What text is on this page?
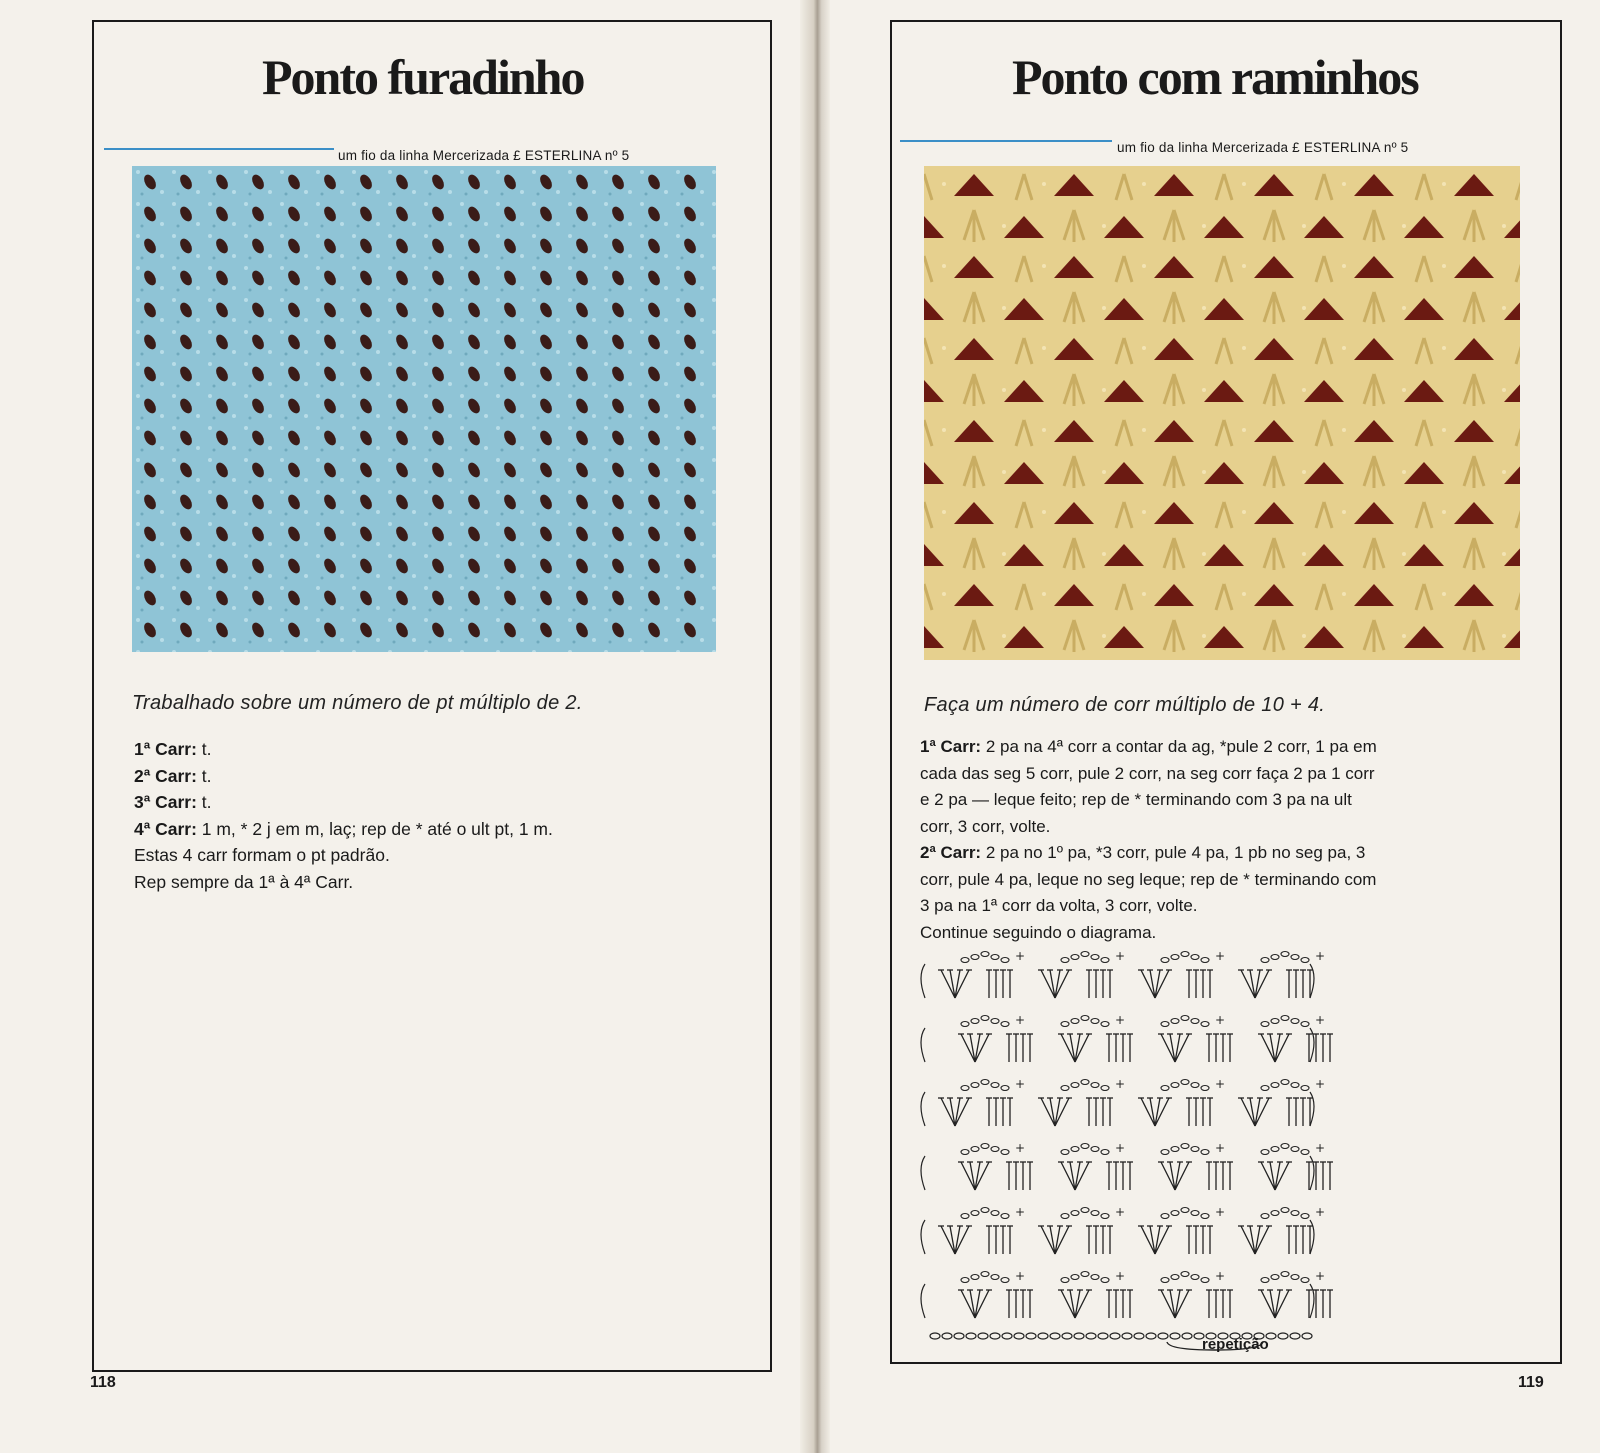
Ponto furadinho
um fio da linha Mercerizada £ ESTERLINA nº 5
Trabalhado sobre um número de pt múltiplo de 2.

1ª Carr: t.

2ª Carr: t.

3ª Carr: t.

4ª Carr: 1 m, * 2 j em m, laç; rep de * até o ult pt, 1 m.

Estas 4 carr formam o pt padrão.

Rep sempre da 1ª à 4ª Carr.

118
Ponto com raminhos
um fio da linha Mercerizada £ ESTERLINA nº 5
Faça um número de corr múltiplo de 10 + 4.

1ª Carr: 2 pa na 4ª corr a contar da ag, *pule 2 corr, 1 pa em

cada das seg 5 corr, pule 2 corr, na seg corr faça 2 pa 1 corr

e 2 pa — leque feito; rep de * terminando com 3 pa na ult

corr, 3 corr, volte.

2ª Carr: 2 pa no 1º pa, *3 corr, pule 4 pa, 1 pb no seg pa, 3

corr, pule 4 pa, leque no seg leque; rep de * terminando com

3 pa na 1ª corr da volta, 3 corr, volte.

Continue seguindo o diagrama.

+	+	+	+
+	+	+	+
+	+	+	+
+	+	+	+
+	+	+	+
+	+	+	+
repetição
119
